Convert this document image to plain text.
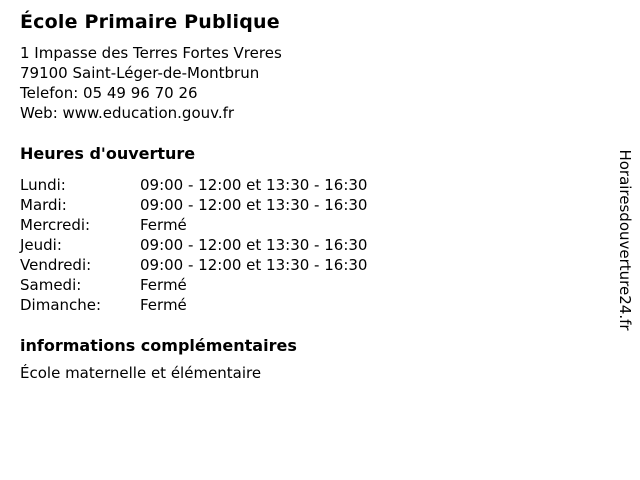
École Primaire Publique
1 Impasse des Terres Fortes Vreres
79100 Saint-Léger-de-Montbrun
Telefon: 05 49 96 70 26
Web: www.education.gouv.fr
Heures d'ouverture
Lundi:	09:00 - 12:00 et 13:30 - 16:30
Mardi:	09:00 - 12:00 et 13:30 - 16:30
Mercredi:	Fermé
Jeudi:	09:00 - 12:00 et 13:30 - 16:30
Vendredi:	09:00 - 12:00 et 13:30 - 16:30
Samedi:	Fermé
Dimanche:	Fermé
informations complémentaires
École maternelle et élémentaire
Horairesdouverture24.fr
